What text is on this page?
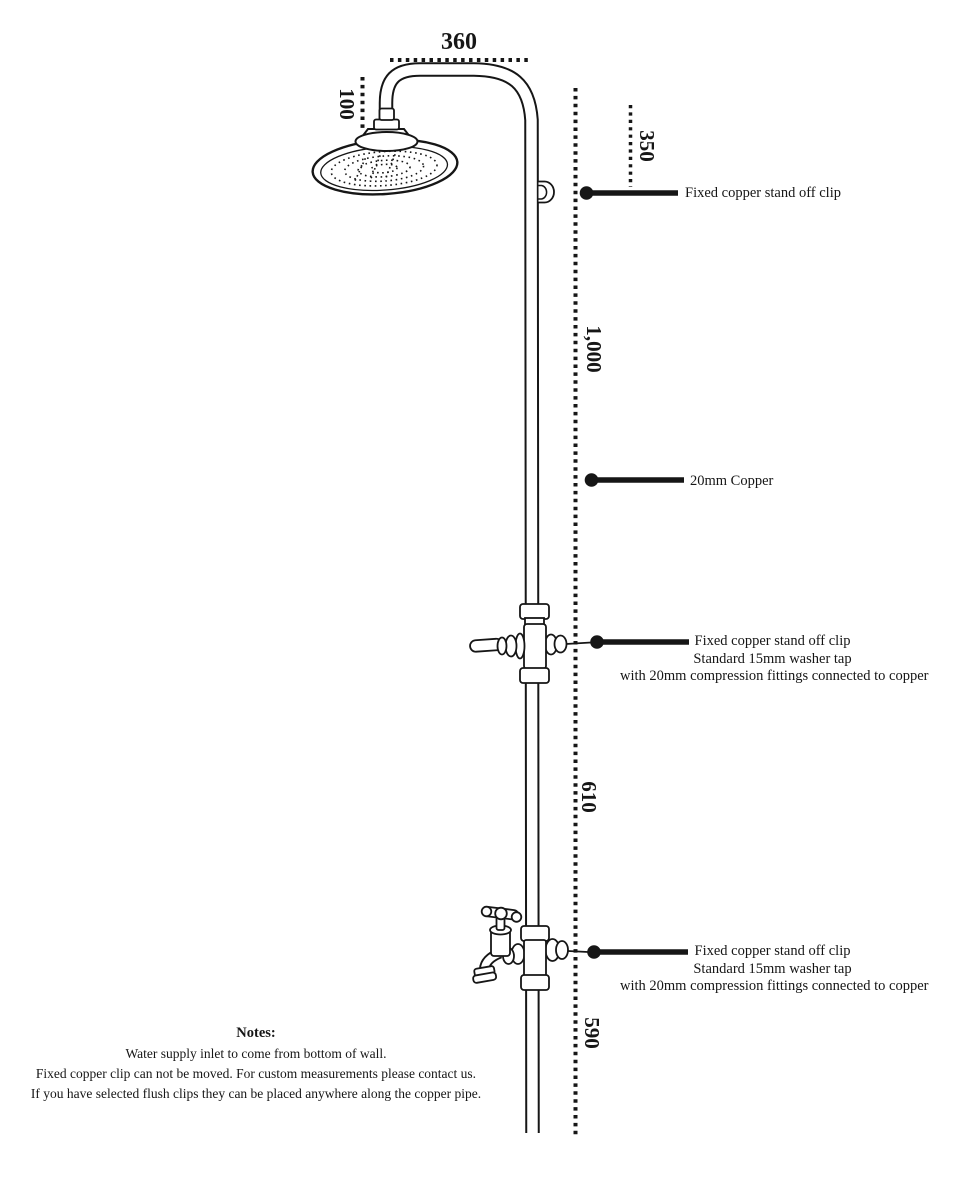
360
100
350
1,000
610
590
Fixed copper stand off clip
20mm Copper
Fixed copper stand off clip
Standard 15mm washer tap
with 20mm compression fittings connected to copper
Fixed copper stand off clip
Standard 15mm washer tap
with 20mm compression fittings connected to copper
Notes:
Water supply inlet to come from bottom of wall.
Fixed copper clip can not be moved. For custom measurements please contact us.
If you have selected flush clips they can be placed anywhere along the copper pipe.
